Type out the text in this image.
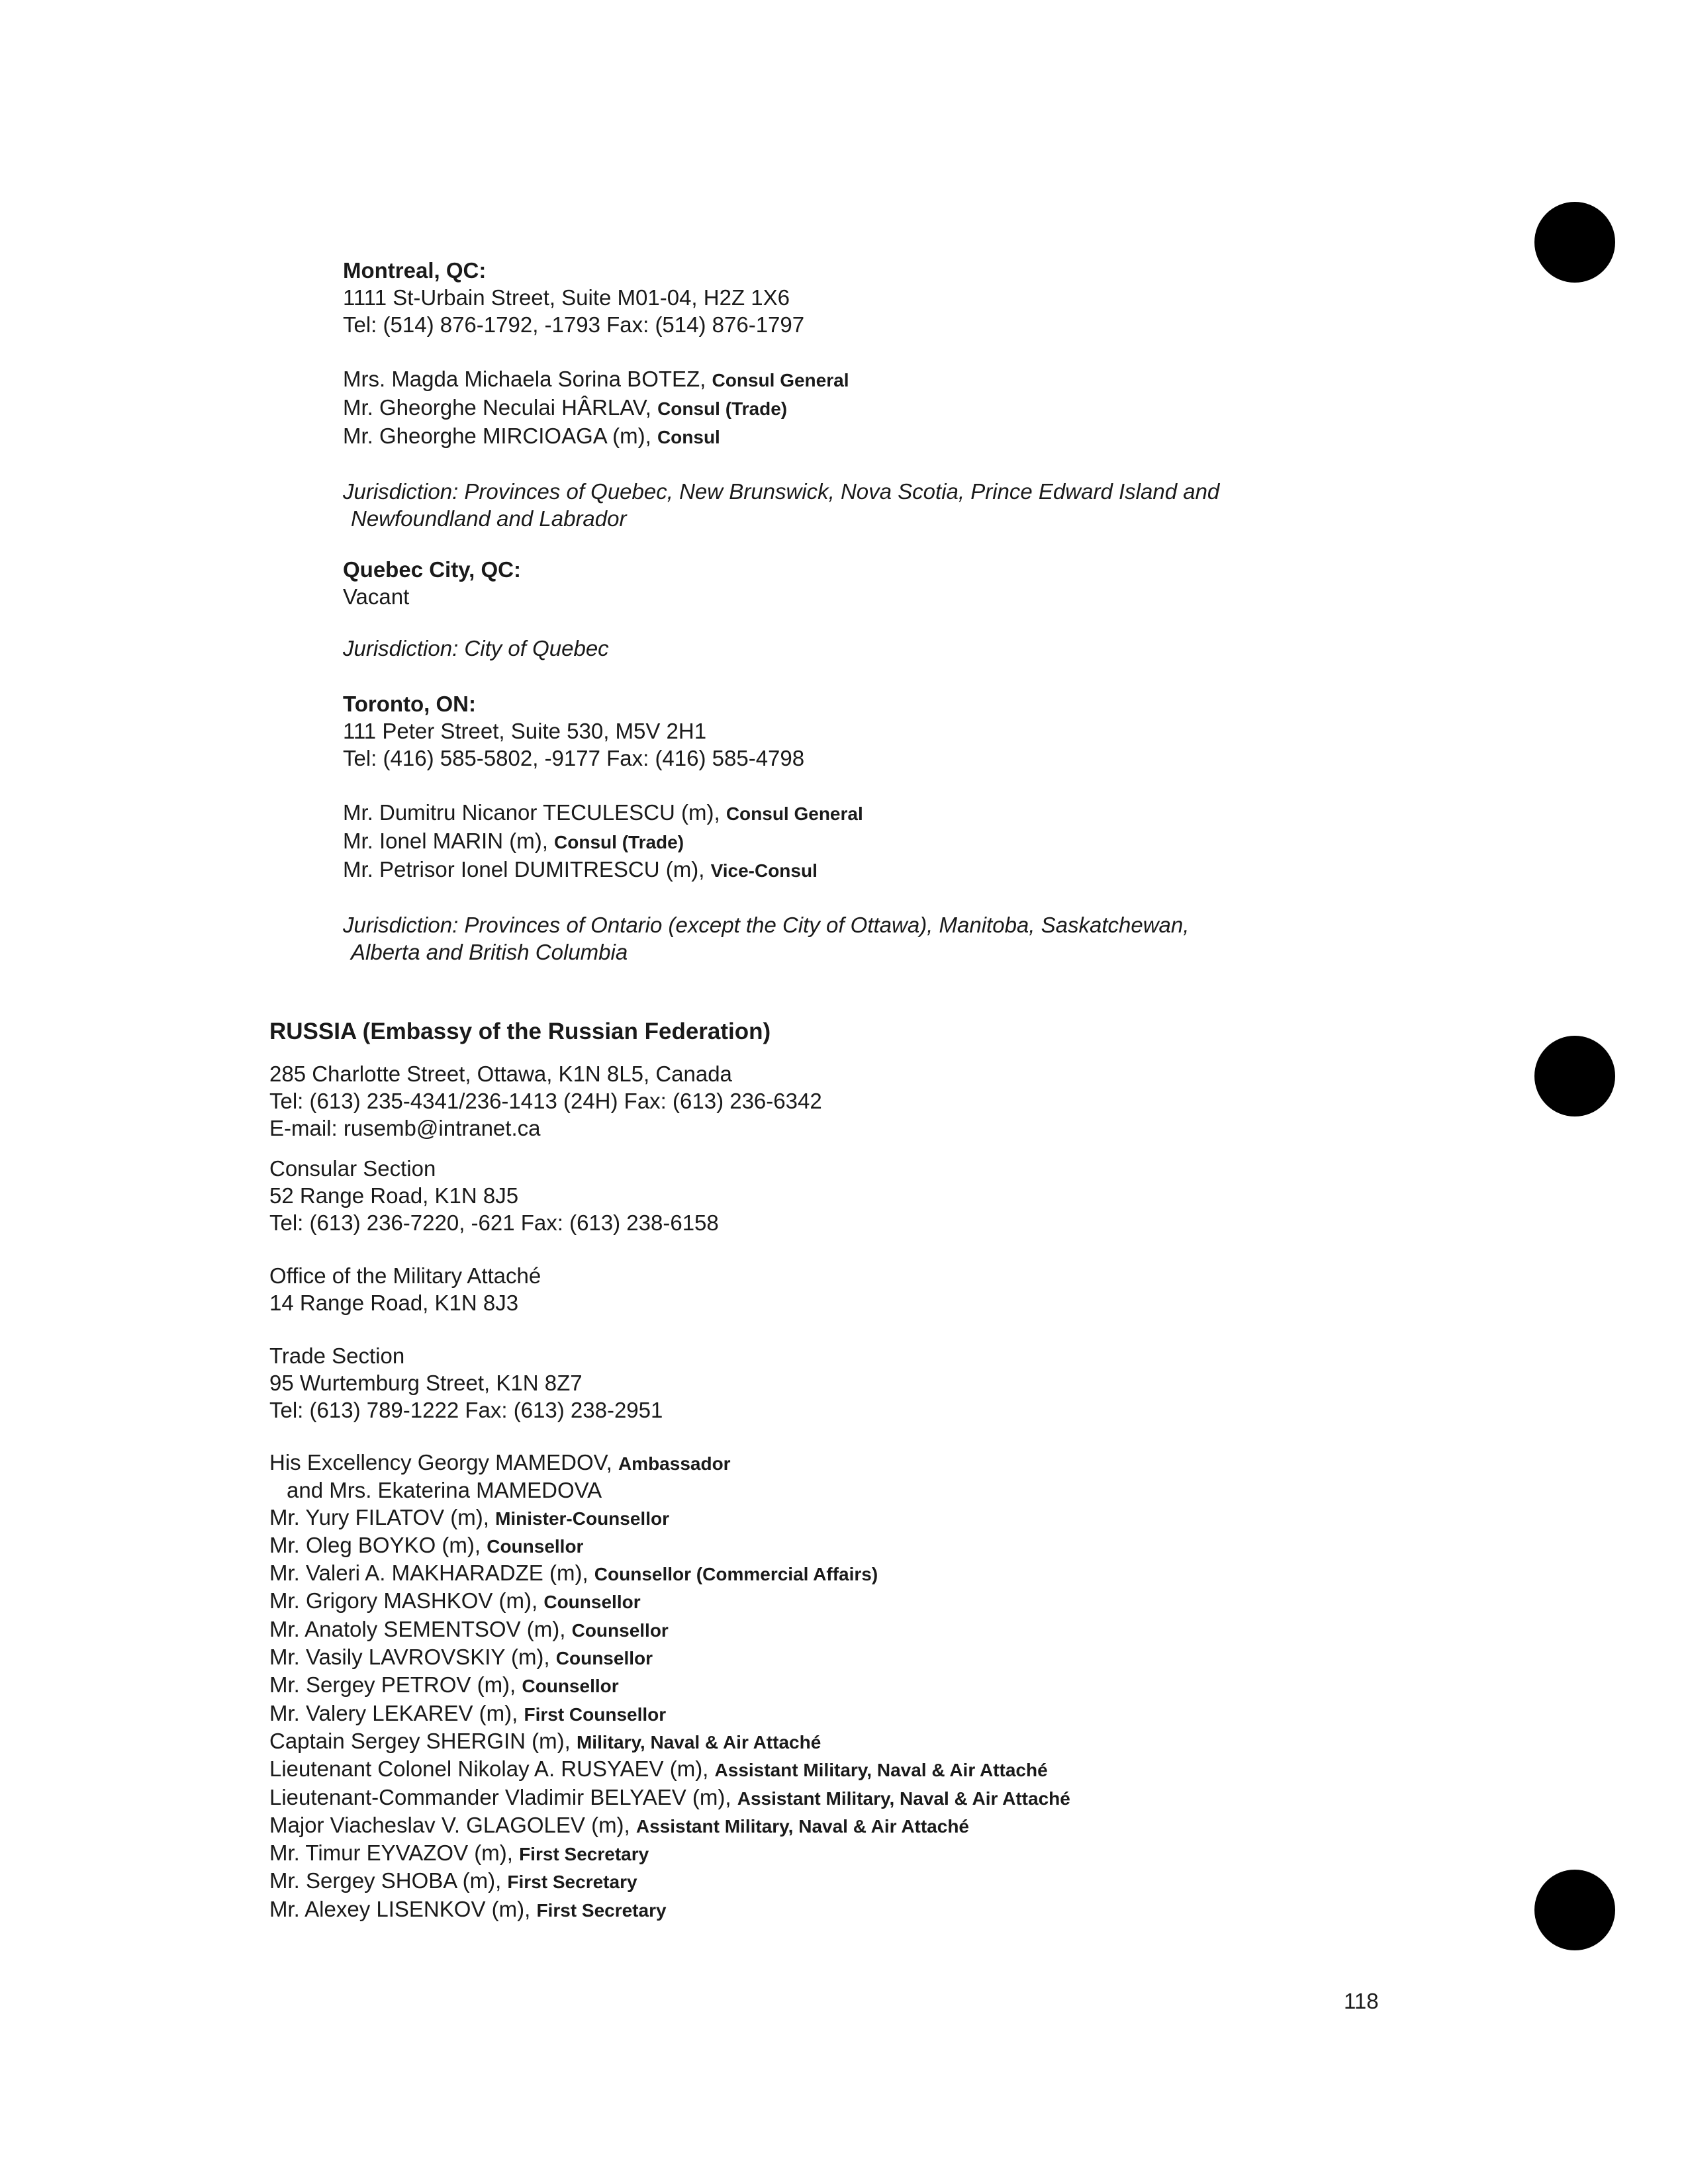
Montreal, QC:
1111 St-Urbain Street, Suite M01-04, H2Z 1X6
Tel: (514) 876-1792, -1793 Fax: (514) 876-1797
Mrs. Magda Michaela Sorina BOTEZ, Consul General
Mr. Gheorghe Neculai HÂRLAV, Consul (Trade)
Mr. Gheorghe MIRCIOAGA (m), Consul
Jurisdiction: Provinces of Quebec, New Brunswick, Nova Scotia, Prince Edward Island and
Newfoundland and Labrador
Quebec City, QC:
Vacant
Jurisdiction: City of Quebec
Toronto, ON:
111 Peter Street, Suite 530, M5V 2H1
Tel: (416) 585-5802, -9177 Fax: (416) 585-4798
Mr. Dumitru Nicanor TECULESCU (m), Consul General
Mr. Ionel MARIN (m), Consul (Trade)
Mr. Petrisor Ionel DUMITRESCU (m), Vice-Consul
Jurisdiction: Provinces of Ontario (except the City of Ottawa), Manitoba, Saskatchewan,
Alberta and British Columbia
RUSSIA (Embassy of the Russian Federation)
285 Charlotte Street, Ottawa, K1N 8L5, Canada
Tel: (613) 235-4341/236-1413 (24H) Fax: (613) 236-6342
E-mail: rusemb@intranet.ca
Consular Section
52 Range Road, K1N 8J5
Tel: (613) 236-7220, -621 Fax: (613) 238-6158
Office of the Military Attaché
14 Range Road, K1N 8J3
Trade Section
95 Wurtemburg Street, K1N 8Z7
Tel: (613) 789-1222 Fax: (613) 238-2951
His Excellency Georgy MAMEDOV, Ambassador
and Mrs. Ekaterina MAMEDOVA
Mr. Yury FILATOV (m), Minister-Counsellor
Mr. Oleg BOYKO (m), Counsellor
Mr. Valeri A. MAKHARADZE (m), Counsellor (Commercial Affairs)
Mr. Grigory MASHKOV (m), Counsellor
Mr. Anatoly SEMENTSOV (m), Counsellor
Mr. Vasily LAVROVSKIY (m), Counsellor
Mr. Sergey PETROV (m), Counsellor
Mr. Valery LEKAREV (m), First Counsellor
Captain Sergey SHERGIN (m), Military, Naval & Air Attaché
Lieutenant Colonel Nikolay A. RUSYAEV (m), Assistant Military, Naval & Air Attaché
Lieutenant-Commander Vladimir BELYAEV (m), Assistant Military, Naval & Air Attaché
Major Viacheslav V. GLAGOLEV (m), Assistant Military, Naval & Air Attaché
Mr. Timur EYVAZOV (m), First Secretary
Mr. Sergey SHOBA (m), First Secretary
Mr. Alexey LISENKOV (m), First Secretary
118
